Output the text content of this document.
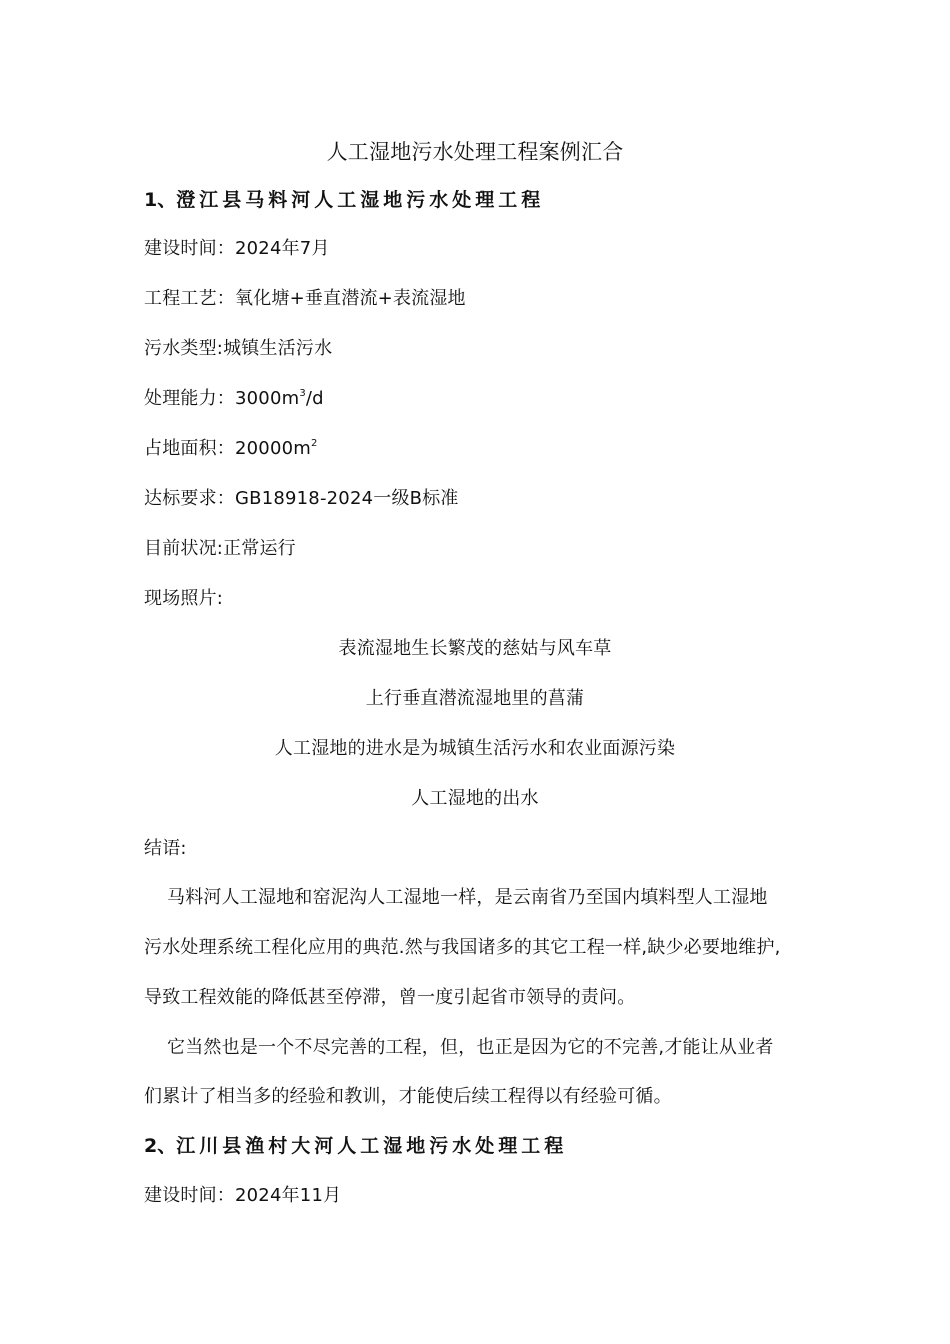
人工湿地污水处理工程案例汇合
1、澄江县马料河人工湿地污水处理工程
建设时间：2024年7月
工程工艺：氧化塘+垂直潜流+表流湿地
污水类型:城镇生活污水
处理能力：$3000m^3/d$
占地面积：$20000m^2$
达标要求：GB18918-2024一级B标准
目前状况:正常运行
现场照片:
表流湿地生长繁茂的慈姑与风车草
上行垂直潜流湿地里的菖蒲
人工湿地的进水是为城镇生活污水和农业面源污染
人工湿地的出水
结语:
马料河人工湿地和窑泥沟人工湿地一样，是云南省乃至国内填料型人工湿地
污水处理系统工程化应用的典范.然与我国诸多的其它工程一样,缺少必要地维护,
导致工程效能的降低甚至停滞，曾一度引起省市领导的责问。
它当然也是一个不尽完善的工程，但，也正是因为它的不完善,才能让从业者
们累计了相当多的经验和教训，才能使后续工程得以有经验可循。
2、江川县渔村大河人工湿地污水处理工程
建设时间：2024年11月
